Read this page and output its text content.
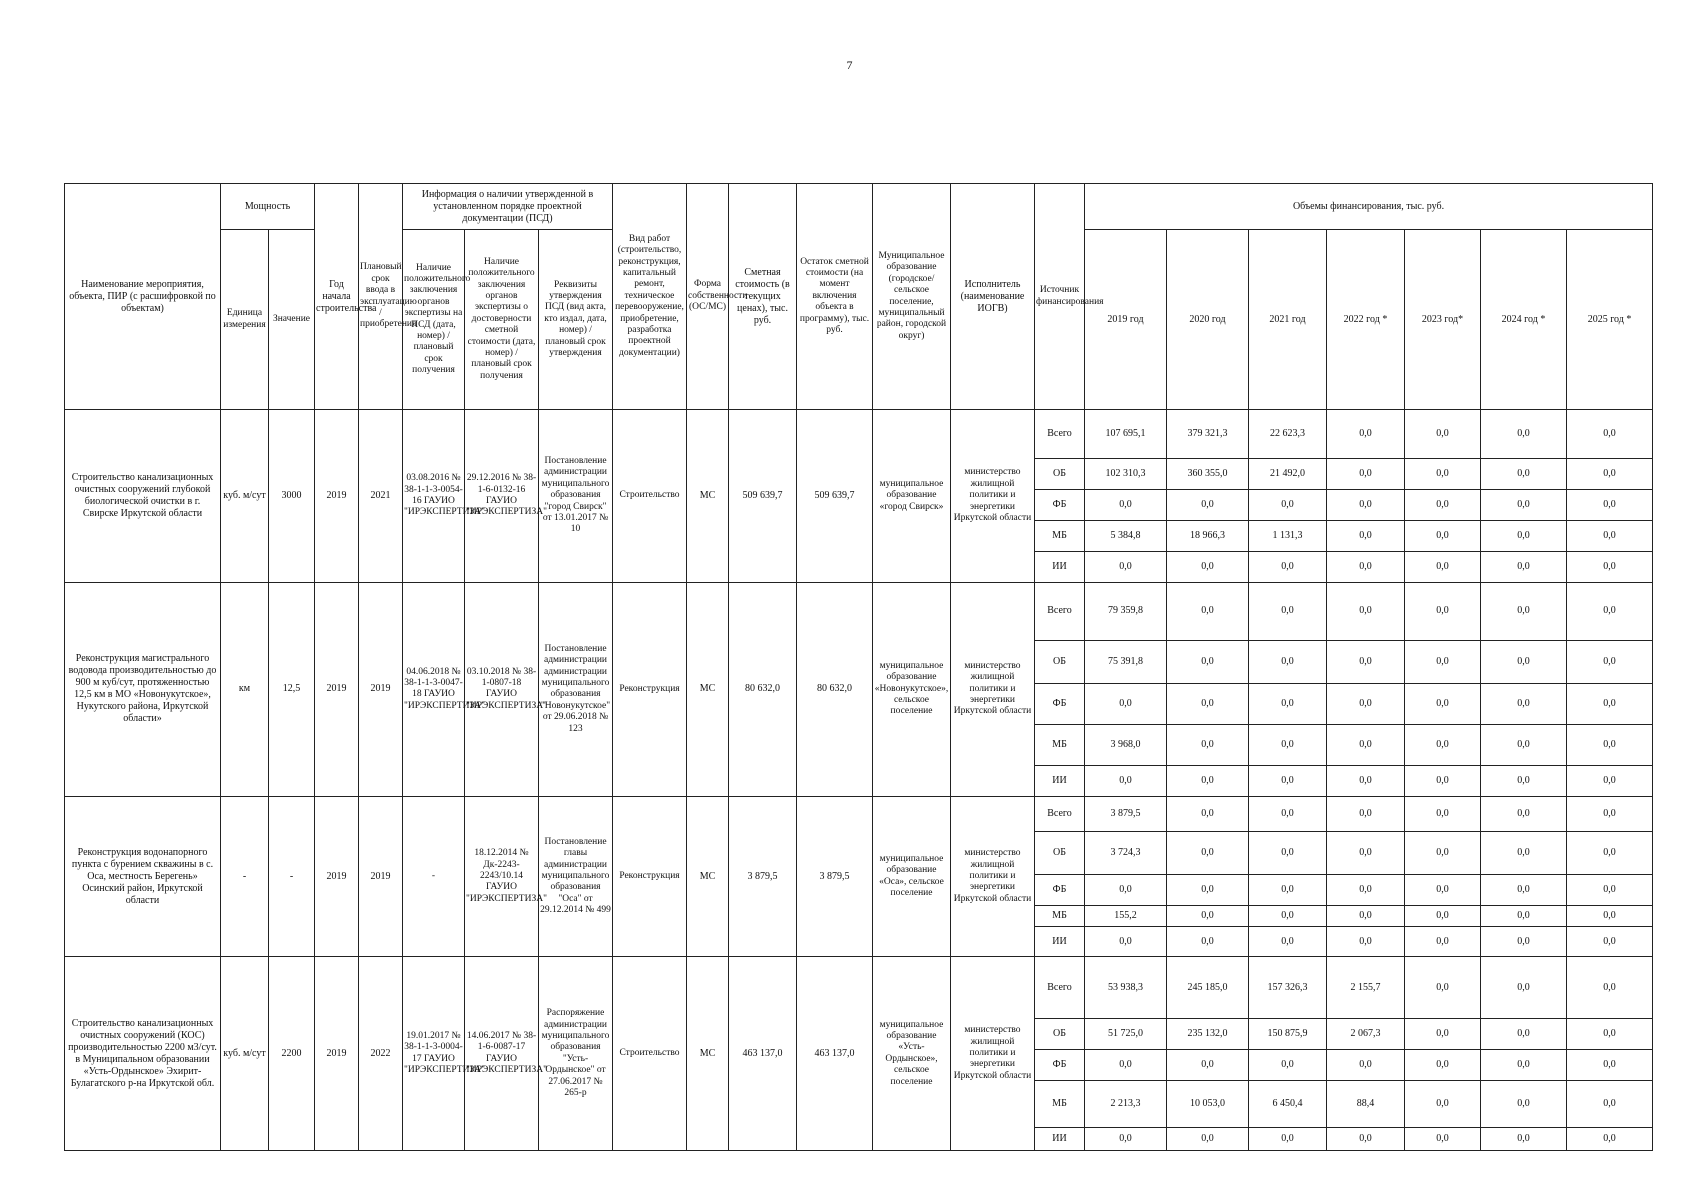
7
Наименование мероприятия, объекта, ПИР (с расшифровкой по объектам)	Мощность		Год начала строительства	Плановый срок ввода в эксплуатацию / приобретения	Информация о наличии утвержденной в установленном порядке проектной документации (ПСД)			Вид работ (строительство, реконструкция, капитальный ремонт, техническое перевооружение, приобретение, разработка проектной документации)	Форма собственности (ОС/МС)	Сметная стоимость (в текущих ценах), тыс. руб.	Остаток сметной стоимости (на момент включения объекта в программу), тыс. руб.	Муниципальное образование (городское/сельское поселение, муниципальный район, городской округ)	Исполнитель (наименование ИОГВ)	Источник финансирования	Объемы финансирования, тыс. руб.						
	Единица измерения	Значение			Наличие положительного заключения органов экспертизы на ПСД (дата, номер) / плановый срок получения	Наличие положительного заключения органов экспертизы о достоверности сметной стоимости (дата, номер) / плановый срок получения	Реквизиты утверждения ПСД (вид акта, кто издал, дата, номер) / плановый срок утверждения								2019 год	2020 год	2021 год	2022 год *	2023 год*	2024 год *	2025 год *
Строительство канализационных очистных сооружений глубокой биологической очистки в г. Свирске Иркутской области	куб. м/сут	3000	2019	2021	03.08.2016 № 38-1-1-3-0054-16 ГАУИО "ИРЭКСПЕРТИЗА"	29.12.2016 № 38-1-6-0132-16 ГАУИО "ИРЭКСПЕРТИЗА"	Постановление администрации муниципального образования "город Свирск" от 13.01.2017 № 10	Строительство	МС	509 639,7	509 639,7	муниципальное образование «город Свирск»	министерство жилищной политики и энергетики Иркутской области	Всего	107 695,1	379 321,3	22 623,3	0,0	0,0	0,0	0,0
														ОБ	102 310,3	360 355,0	21 492,0	0,0	0,0	0,0	0,0
														ФБ	0,0	0,0	0,0	0,0	0,0	0,0	0,0
														МБ	5 384,8	18 966,3	1 131,3	0,0	0,0	0,0	0,0
														ИИ	0,0	0,0	0,0	0,0	0,0	0,0	0,0
Реконструкция магистрального водовода производительностью до 900 м куб/сут, протяженностью 12,5 км в МО «Новонукутское», Нукутского района, Иркутской области»	км	12,5	2019	2019	04.06.2018 № 38-1-1-3-0047-18 ГАУИО "ИРЭКСПЕРТИЗА"	03.10.2018 № 38-1-0807-18 ГАУИО "ИРЭКСПЕРТИЗА"	Постановление администрации администрации муниципального образования "Новонукутское" от 29.06.2018 № 123	Реконструкция	МС	80 632,0	80 632,0	муниципальное образование «Новонукутское», сельское поселение	министерство жилищной политики и энергетики Иркутской области	Всего	79 359,8	0,0	0,0	0,0	0,0	0,0	0,0
														ОБ	75 391,8	0,0	0,0	0,0	0,0	0,0	0,0
														ФБ	0,0	0,0	0,0	0,0	0,0	0,0	0,0
														МБ	3 968,0	0,0	0,0	0,0	0,0	0,0	0,0
														ИИ	0,0	0,0	0,0	0,0	0,0	0,0	0,0
Реконструкция водонапорного пункта с бурением скважины в с. Оса, местность Берегень» Осинский район, Иркутской области	-	-	2019	2019	-	18.12.2014 № Дк-2243-2243/10.14 ГАУИО "ИРЭКСПЕРТИЗА"	Постановление главы администрации муниципального образования "Оса" от 29.12.2014 № 499	Реконструкция	МС	3 879,5	3 879,5	муниципальное образование «Оса», сельское поселение	министерство жилищной политики и энергетики Иркутской области	Всего	3 879,5	0,0	0,0	0,0	0,0	0,0	0,0
														ОБ	3 724,3	0,0	0,0	0,0	0,0	0,0	0,0
														ФБ	0,0	0,0	0,0	0,0	0,0	0,0	0,0
														МБ	155,2	0,0	0,0	0,0	0,0	0,0	0,0
														ИИ	0,0	0,0	0,0	0,0	0,0	0,0	0,0
Строительство канализационных очистных сооружений (КОС) производительностью 2200 м3/сут. в Муниципальном образовании «Усть-Ордынское» Эхирит-Булагатского р-на Иркутской обл.	куб. м/сут	2200	2019	2022	19.01.2017 № 38-1-1-3-0004-17 ГАУИО "ИРЭКСПЕРТИЗА"	14.06.2017 № 38-1-6-0087-17 ГАУИО "ИРЭКСПЕРТИЗА"	Распоряжение администрации муниципального образования "Усть-Ордынское" от 27.06.2017 № 265-р	Строительство	МС	463 137,0	463 137,0	муниципальное образование «Усть-Ордынское», сельское поселение	министерство жилищной политики и энергетики Иркутской области	Всего	53 938,3	245 185,0	157 326,3	2 155,7	0,0	0,0	0,0
														ОБ	51 725,0	235 132,0	150 875,9	2 067,3	0,0	0,0	0,0
														ФБ	0,0	0,0	0,0	0,0	0,0	0,0	0,0
														МБ	2 213,3	10 053,0	6 450,4	88,4	0,0	0,0	0,0
														ИИ	0,0	0,0	0,0	0,0	0,0	0,0	0,0
